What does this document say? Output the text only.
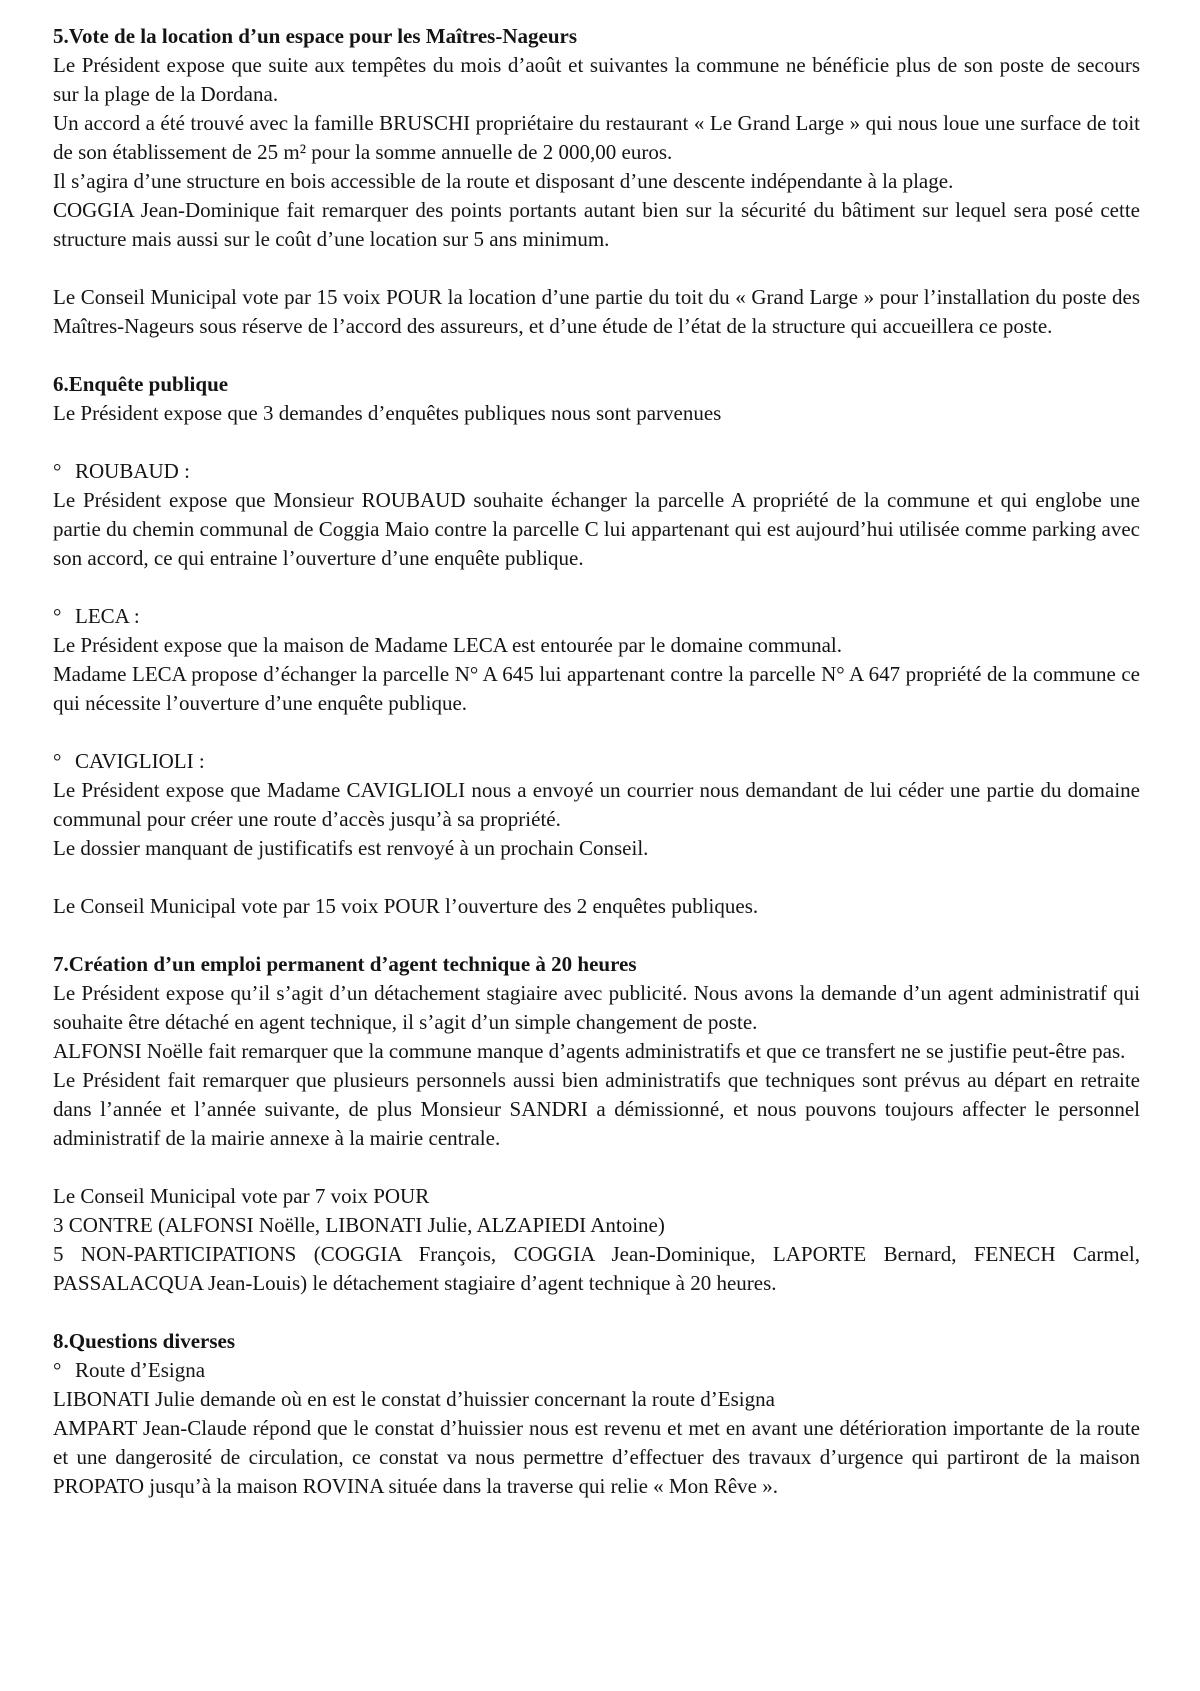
5.Vote de la location d’un espace pour les Maîtres-Nageurs

Le Président expose que suite aux tempêtes du mois d’août et suivantes la commune ne bénéficie plus de son poste de secours sur la plage de la Dordana.

Un accord a été trouvé avec la famille BRUSCHI propriétaire du restaurant « Le Grand Large » qui nous loue une surface de toit de son établissement de 25 m² pour la somme annuelle de 2 000,00 euros.

Il s’agira d’une structure en bois accessible de la route et disposant d’une descente indépendante à la plage.

COGGIA Jean-Dominique fait remarquer des points portants autant bien sur la sécurité du bâtiment sur lequel sera posé cette structure mais aussi sur le coût d’une location sur 5 ans minimum.

Le Conseil Municipal vote par 15 voix POUR la location d’une partie du toit du « Grand Large » pour l’installation du poste des Maîtres-Nageurs sous réserve de l’accord des assureurs, et d’une étude de l’état de la structure qui accueillera ce poste.

6.Enquête publique

Le Président expose que 3 demandes d’enquêtes publiques nous sont parvenues

° ROUBAUD :

Le Président expose que Monsieur ROUBAUD souhaite échanger la parcelle A propriété de la commune et qui englobe une partie du chemin communal de Coggia Maio contre la parcelle C lui appartenant qui est aujourd’hui utilisée comme parking avec son accord, ce qui entraine l’ouverture d’une enquête publique.

° LECA :

Le Président expose que la maison de Madame LECA est entourée par le domaine communal.

Madame LECA propose d’échanger la parcelle N° A 645 lui appartenant contre la parcelle N° A 647 propriété de la commune ce qui nécessite l’ouverture d’une enquête publique.

° CAVIGLIOLI :

Le Président expose que Madame CAVIGLIOLI nous a envoyé un courrier nous demandant de lui céder une partie du domaine communal pour créer une route d’accès jusqu’à sa propriété.

Le dossier manquant de justificatifs est renvoyé à un prochain Conseil.

Le Conseil Municipal vote par 15 voix POUR l’ouverture des 2 enquêtes publiques.

7.Création d’un emploi permanent d’agent technique à 20 heures

Le Président expose qu’il s’agit d’un détachement stagiaire avec publicité. Nous avons la demande d’un agent administratif qui souhaite être détaché en agent technique, il s’agit d’un simple changement de poste.

ALFONSI Noëlle fait remarquer que la commune manque d’agents administratifs et que ce transfert ne se justifie peut-être pas.

Le Président fait remarquer que plusieurs personnels aussi bien administratifs que techniques sont prévus au départ en retraite dans l’année et l’année suivante, de plus Monsieur SANDRI a démissionné, et nous pouvons toujours affecter le personnel administratif de la mairie annexe à la mairie centrale.

Le Conseil Municipal vote par 7 voix POUR

3 CONTRE (ALFONSI Noëlle, LIBONATI Julie, ALZAPIEDI Antoine)

5 NON-PARTICIPATIONS (COGGIA François, COGGIA Jean-Dominique, LAPORTE Bernard, FENECH Carmel, PASSALACQUA Jean-Louis) le détachement stagiaire d’agent technique à 20 heures.

8.Questions diverses

° Route d’Esigna

LIBONATI Julie demande où en est le constat d’huissier concernant la route d’Esigna

AMPART Jean-Claude répond que le constat d’huissier nous est revenu et met en avant une détérioration importante de la route et une dangerosité de circulation, ce constat va nous permettre d’effectuer des travaux d’urgence qui partiront de la maison PROPATO jusqu’à la maison ROVINA située dans la traverse qui relie « Mon Rêve ».
